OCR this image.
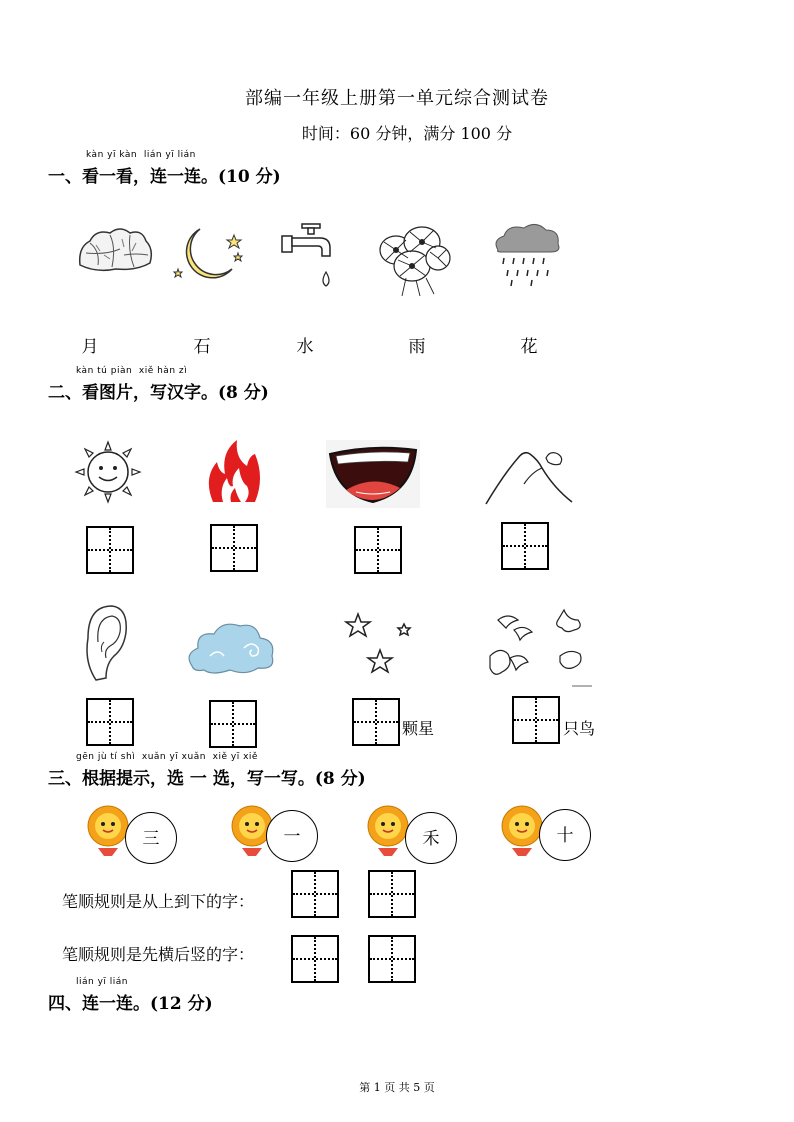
部编一年级上册第一单元综合测试卷
时间：60 分钟，满分 100 分
kàn yī kàn  lián yī lián
一、看一看，连一连。(10 分)
月	石	水	雨	花
kàn tú piàn  xiě hàn zì
二、看图片，写汉字。(8 分)
颗星	只鸟
gēn jù tí shì  xuǎn yī xuǎn  xiě yī xiě
三、根据提示，选 一 选，写一写。(8 分)
三	一	禾	十
笔顺规则是从上到下的字：
笔顺规则是先横后竖的字：
lián yī lián
四、连一连。(12 分)
第 1 页 共 5 页
